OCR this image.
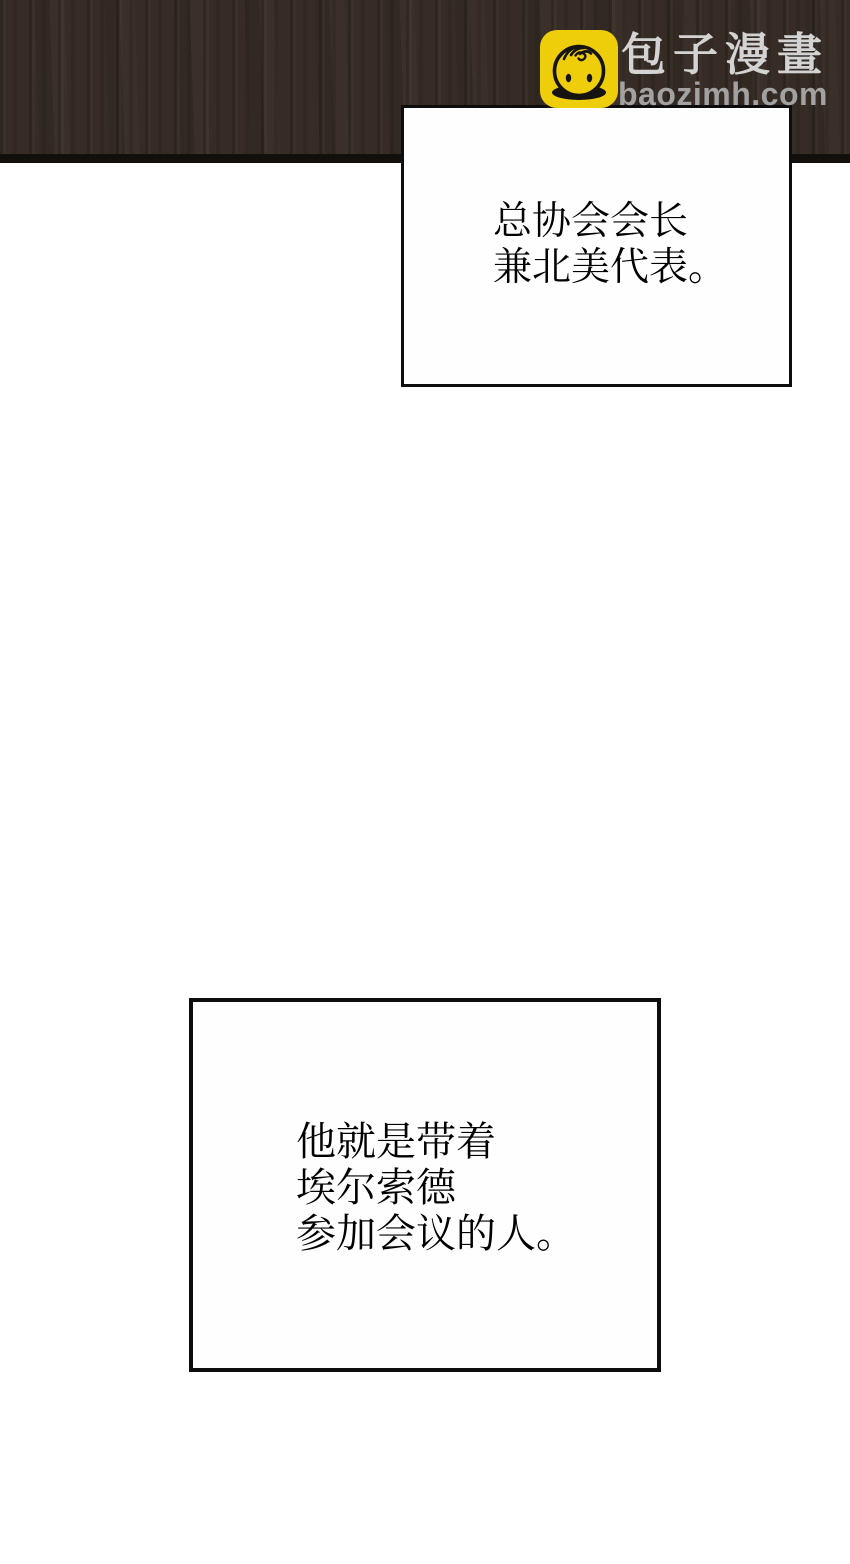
总协会会长
兼北美代表。
他就是带着
埃尔索德
参加会议的人。
包子漫畫
baozimh.com
